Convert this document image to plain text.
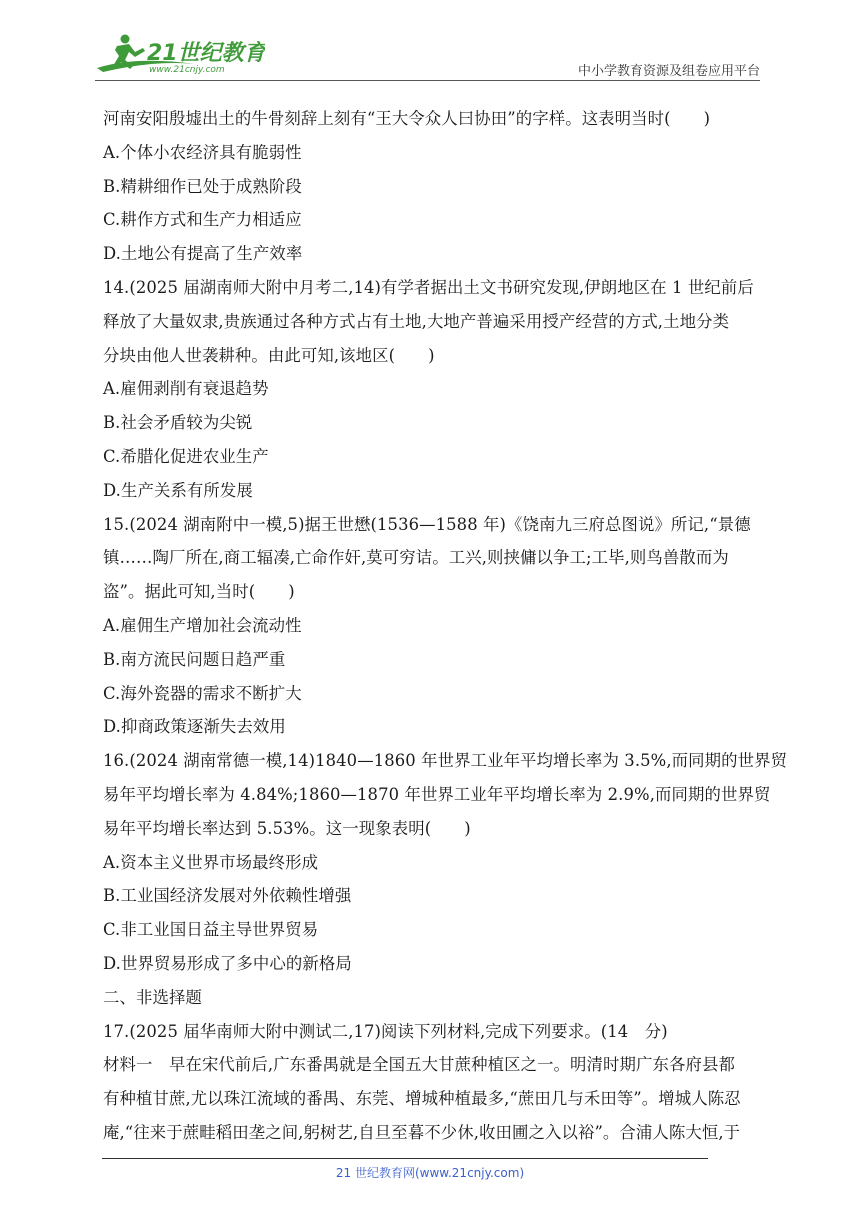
21世纪教育
www.21cnjy.com	中小学教育资源及组卷应用平台
河南安阳殷墟出土的牛骨刻辞上刻有“王大令众人曰协田”的字样。这表明当时(　　)
A.个体小农经济具有脆弱性
B.精耕细作已处于成熟阶段
C.耕作方式和生产力相适应
D.土地公有提高了生产效率
14.(2025 届湖南师大附中月考二,14)有学者据出土文书研究发现,伊朗地区在 1 世纪前后
释放了大量奴隶,贵族通过各种方式占有土地,大地产普遍采用授产经营的方式,土地分类
分块由他人世袭耕种。由此可知,该地区(　　)
A.雇佣剥削有衰退趋势
B.社会矛盾较为尖锐
C.希腊化促进农业生产
D.生产关系有所发展
15.(2024 湖南附中一模,5)据王世懋(1536—1588 年)《饶南九三府总图说》所记,“景德
镇……陶厂所在,商工辐凑,亡命作奸,莫可穷诘。工兴,则挟傭以争工;工毕,则鸟兽散而为
盗”。据此可知,当时(　　)
A.雇佣生产增加社会流动性
B.南方流民问题日趋严重
C.海外瓷器的需求不断扩大
D.抑商政策逐渐失去效用
16.(2024 湖南常德一模,14)1840—1860 年世界工业年平均增长率为 3.5%,而同期的世界贸
易年平均增长率为 4.84%;1860—1870 年世界工业年平均增长率为 2.9%,而同期的世界贸
易年平均增长率达到 5.53%。这一现象表明(　　)
A.资本主义世界市场最终形成
B.工业国经济发展对外依赖性增强
C.非工业国日益主导世界贸易
D.世界贸易形成了多中心的新格局
二、非选择题
17.(2025 届华南师大附中测试二,17)阅读下列材料,完成下列要求。(14　分)
材料一　早在宋代前后,广东番禺就是全国五大甘蔗种植区之一。明清时期广东各府县都
有种植甘蔗,尤以珠江流域的番禺、东莞、增城种植最多,“蔗田几与禾田等”。增城人陈忍
庵,“往来于蔗畦稻田垄之间,躬树艺,自旦至暮不少休,收田圃之入以裕”。合浦人陈大恒,于
21 世纪教育网(www.21cnjy.com)
